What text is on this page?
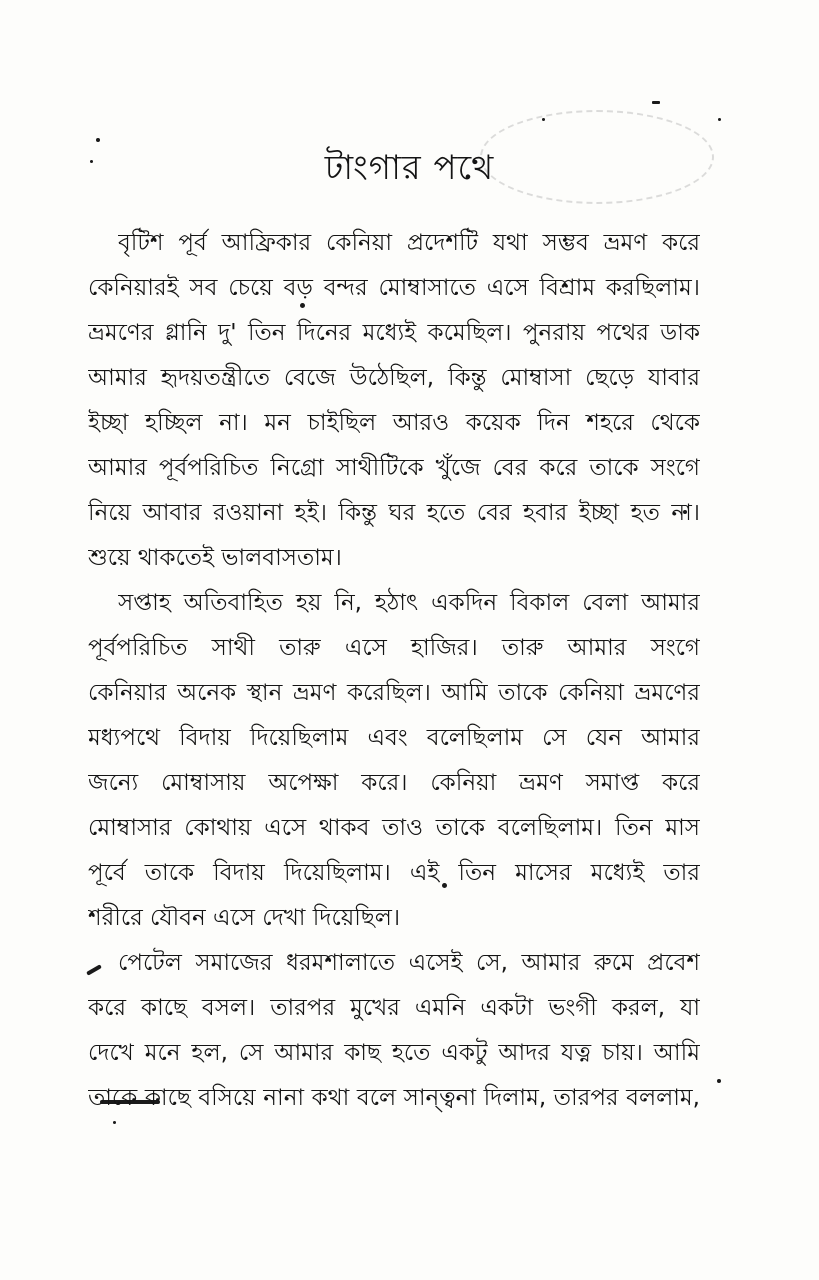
টাংগার পথে
বৃটিশ পূর্ব আফ্রিকার কেনিয়া প্রদেশটি যথা সম্ভব ভ্রমণ করে
কেনিয়ারই সব চেয়ে বড় বন্দর মোম্বাসাতে এসে বিশ্রাম করছিলাম।
ভ্রমণের গ্লানি দু' তিন দিনের মধ্যেই কমেছিল। পুনরায় পথের ডাক
আমার হৃদয়তন্ত্রীতে বেজে উঠেছিল, কিন্তু মোম্বাসা ছেড়ে যাবার
ইচ্ছা হচ্ছিল না। মন চাইছিল আরও কয়েক দিন শহরে থেকে
আমার পূর্বপরিচিত নিগ্রো সাথীটিকে খুঁজে বের করে তাকে সংগে
নিয়ে আবার রওয়ানা হই। কিন্তু ঘর হতে বের হবার ইচ্ছা হত না।
শুয়ে থাকতেই ভালবাসতাম।
সপ্তাহ অতিবাহিত হয় নি, হঠাৎ একদিন বিকাল বেলা আমার
পূর্বপরিচিত সাথী তারু এসে হাজির। তারু আমার সংগে
কেনিয়ার অনেক স্থান ভ্রমণ করেছিল। আমি তাকে কেনিয়া ভ্রমণের
মধ্যপথে বিদায় দিয়েছিলাম এবং বলেছিলাম সে যেন আমার
জন্যে মোম্বাসায় অপেক্ষা করে। কেনিয়া ভ্রমণ সমাপ্ত করে
মোম্বাসার কোথায় এসে থাকব তাও তাকে বলেছিলাম। তিন মাস
পূর্বে তাকে বিদায় দিয়েছিলাম। এই তিন মাসের মধ্যেই তার
শরীরে যৌবন এসে দেখা দিয়েছিল।
পেটেল সমাজের ধরমশালাতে এসেই সে, আমার রুমে প্রবেশ
করে কাছে বসল। তারপর মুখের এমনি একটা ভংগী করল, যা
দেখে মনে হল, সে আমার কাছ হতে একটু আদর যত্ন চায়। আমি
তাকে কাছে বসিয়ে নানা কথা বলে সান্ত্বনা দিলাম, তারপর বললাম,
